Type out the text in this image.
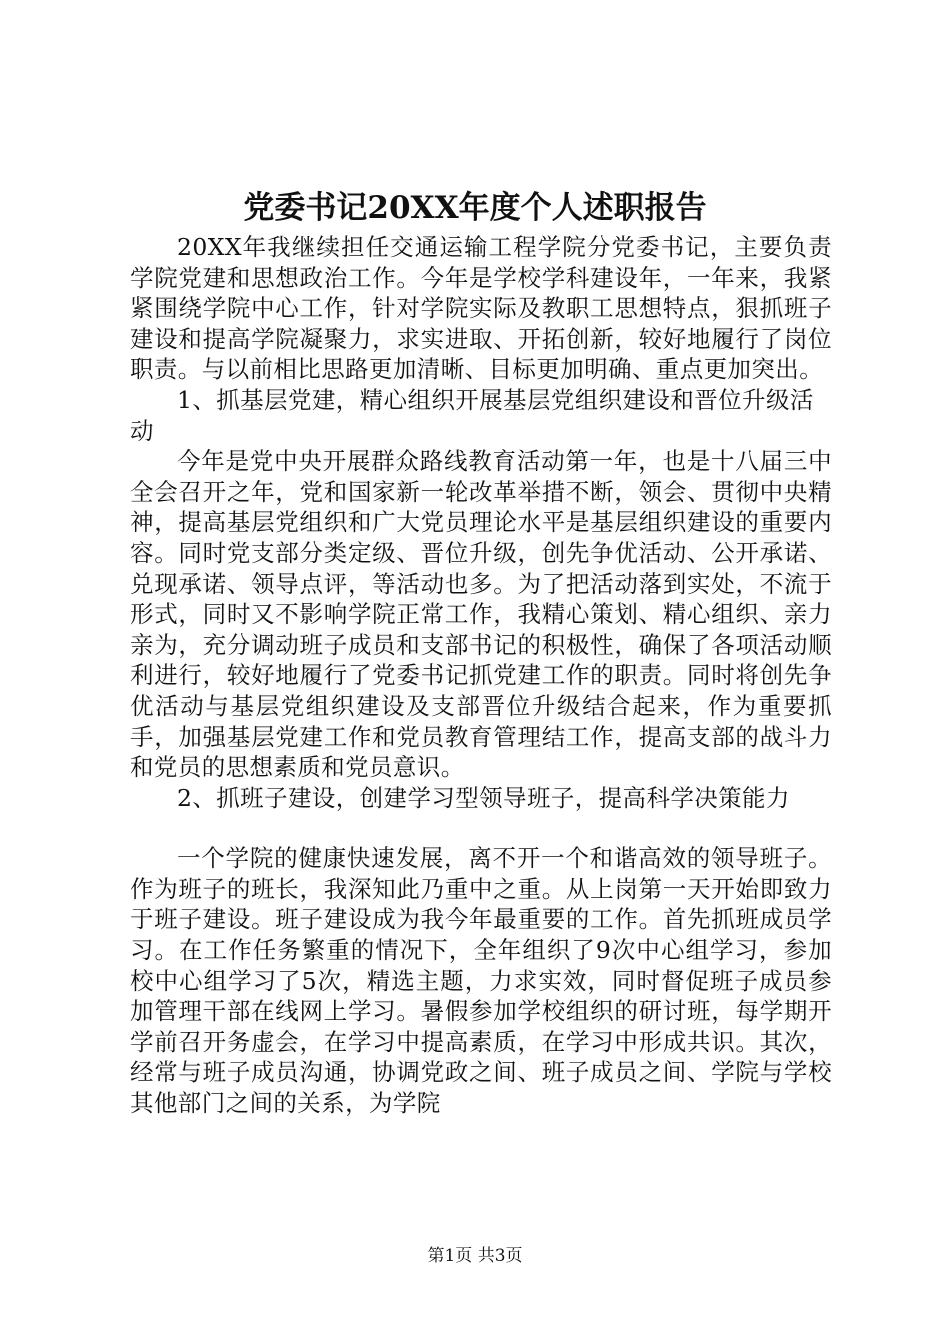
党委书记20XX年度个人述职报告

20XX年我继续担任交通运输工程学院分党委书记，主要负责学院党建和思想政治工作。今年是学校学科建设年，一年来，我紧紧围绕学院中心工作，针对学院实际及教职工思想特点，狠抓班子建设和提高学院凝聚力，求实进取、开拓创新，较好地履行了岗位职责。与以前相比思路更加清晰、目标更加明确、重点更加突出。

1、抓基层党建，精心组织开展基层党组织建设和晋位升级活动

今年是党中央开展群众路线教育活动第一年，也是十八届三中全会召开之年，党和国家新一轮改革举措不断，领会、贯彻中央精神，提高基层党组织和广大党员理论水平是基层组织建设的重要内容。同时党支部分类定级、晋位升级，创先争优活动、公开承诺、兑现承诺、领导点评，等活动也多。为了把活动落到实处，不流于形式，同时又不影响学院正常工作，我精心策划、精心组织、亲力亲为，充分调动班子成员和支部书记的积极性，确保了各项活动顺利进行，较好地履行了党委书记抓党建工作的职责。同时将创先争优活动与基层党组织建设及支部晋位升级结合起来，作为重要抓手，加强基层党建工作和党员教育管理结工作，提高支部的战斗力和党员的思想素质和党员意识。

2、抓班子建设，创建学习型领导班子，提高科学决策能力

一个学院的健康快速发展，离不开一个和谐高效的领导班子。作为班子的班长，我深知此乃重中之重。从上岗第一天开始即致力于班子建设。班子建设成为我今年最重要的工作。首先抓班成员学习。在工作任务繁重的情况下，全年组织了9次中心组学习，参加校中心组学习了5次，精选主题，力求实效，同时督促班子成员参加管理干部在线网上学习。暑假参加学校组织的研讨班，每学期开学前召开务虚会，在学习中提高素质，在学习中形成共识。其次，经常与班子成员沟通，协调党政之间、班子成员之间、学院与学校其他部门之间的关系，为学院

第1页 共3页
